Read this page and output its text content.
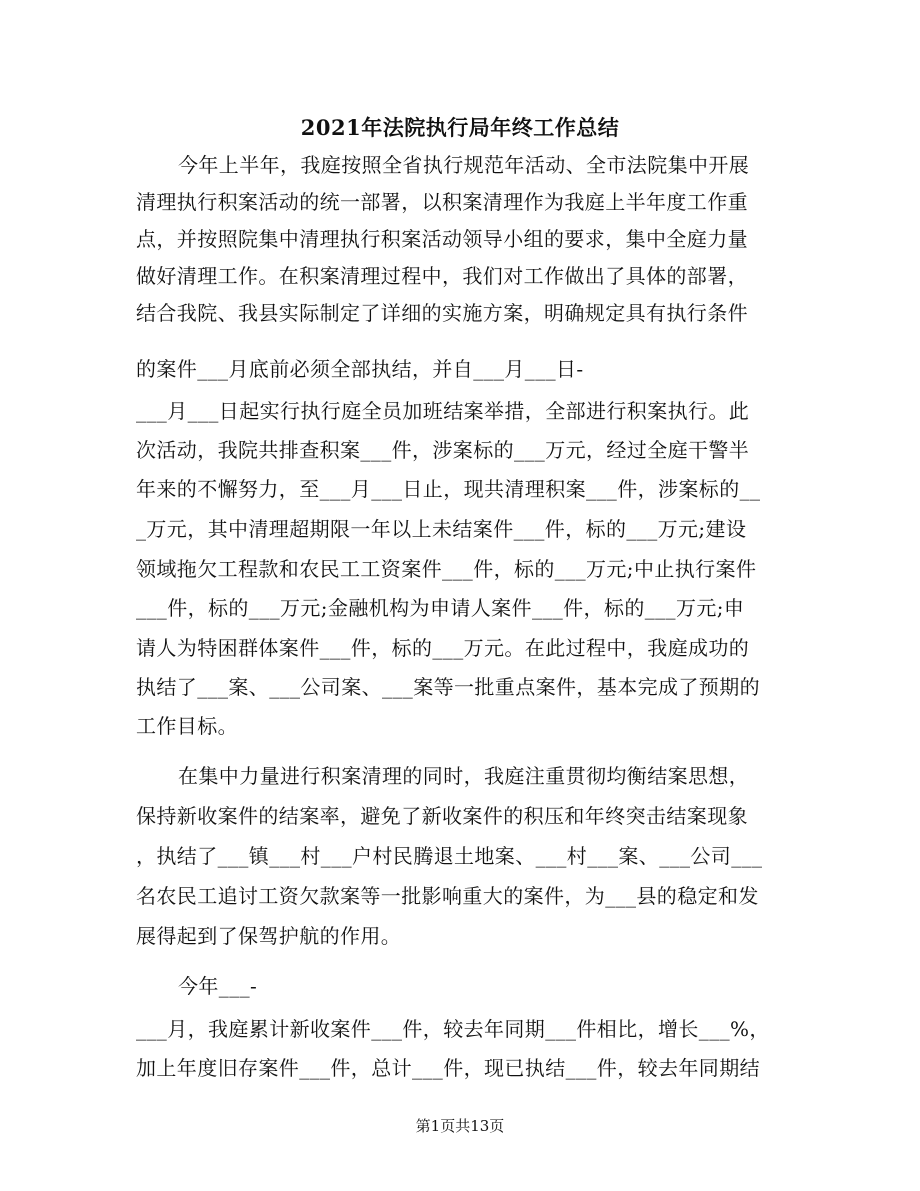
2021年法院执行局年终工作总结
今年上半年，我庭按照全省执行规范年活动、全市法院集中开展
清理执行积案活动的统一部署，以积案清理作为我庭上半年度工作重
点，并按照院集中清理执行积案活动领导小组的要求，集中全庭力量
做好清理工作。在积案清理过程中，我们对工作做出了具体的部署，
结合我院、我县实际制定了详细的实施方案，明确规定具有执行条件
的案件___月底前必须全部执结，并自___月___日-
___月___日起实行执行庭全员加班结案举措，全部进行积案执行。此
次活动，我院共排查积案___件，涉案标的___万元，经过全庭干警半
年来的不懈努力，至___月___日止，现共清理积案___件，涉案标的__
_万元，其中清理超期限一年以上未结案件___件，标的___万元;建设
领域拖欠工程款和农民工工资案件___件，标的___万元;中止执行案件
___件，标的___万元;金融机构为申请人案件___件，标的___万元;申
请人为特困群体案件___件，标的___万元。在此过程中，我庭成功的
执结了___案、___公司案、___案等一批重点案件，基本完成了预期的
工作目标。
在集中力量进行积案清理的同时，我庭注重贯彻均衡结案思想，
保持新收案件的结案率，避免了新收案件的积压和年终突击结案现象
，执结了___镇___村___户村民腾退土地案、___村___案、___公司___
名农民工追讨工资欠款案等一批影响重大的案件，为___县的稳定和发
展得起到了保驾护航的作用。
今年___-
___月，我庭累计新收案件___件，较去年同期___件相比，增长___%，
加上年度旧存案件___件，总计___件，现已执结___件，较去年同期结
第1页共13页
